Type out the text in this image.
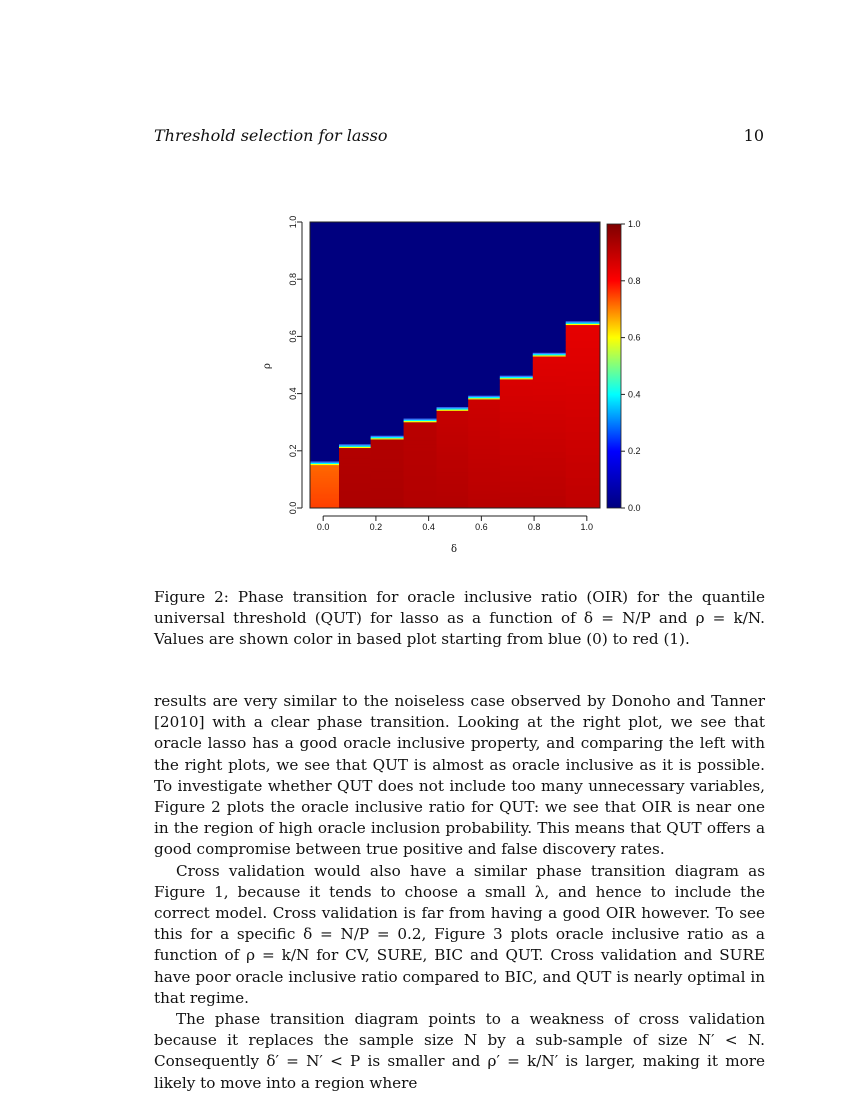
Threshold selection for lasso	10
0.0	0.2	0.4	0.6	0.8	1.0
0.0
0.2
0.4
0.6
0.8
1.0
0.0
0.2
0.4
0.6
0.8
1.0
δ
ρ
Figure 2: Phase transition for oracle inclusive ratio (OIR) for the quantile universal threshold (QUT) for lasso as a function of δ = N/P and ρ = k/N. Values are shown color in based plot starting from blue (0) to red (1).

results are very similar to the noiseless case observed by Donoho and Tanner [2010] with a clear phase transition. Looking at the right plot, we see that oracle lasso has a good oracle inclusive property, and comparing the left with the right plots, we see that QUT is almost as oracle inclusive as it is possible. To investigate whether QUT does not include too many unnecessary variables, Figure 2 plots the oracle inclusive ratio for QUT: we see that OIR is near one in the region of high oracle inclusion probability. This means that QUT offers a good compromise between true positive and false discovery rates.

Cross validation would also have a similar phase transition diagram as Figure 1, because it tends to choose a small λ, and hence to include the correct model. Cross validation is far from having a good OIR however. To see this for a specific δ = N/P = 0.2, Figure 3 plots oracle inclusive ratio as a function of ρ = k/N for CV, SURE, BIC and QUT. Cross validation and SURE have poor oracle inclusive ratio compared to BIC, and QUT is nearly optimal in that regime.

The phase transition diagram points to a weakness of cross validation because it replaces the sample size N by a sub-sample of size N′ < N. Consequently δ′ = N′ < P is smaller and ρ′ = k/N′ is larger, making it more likely to move into a region where
